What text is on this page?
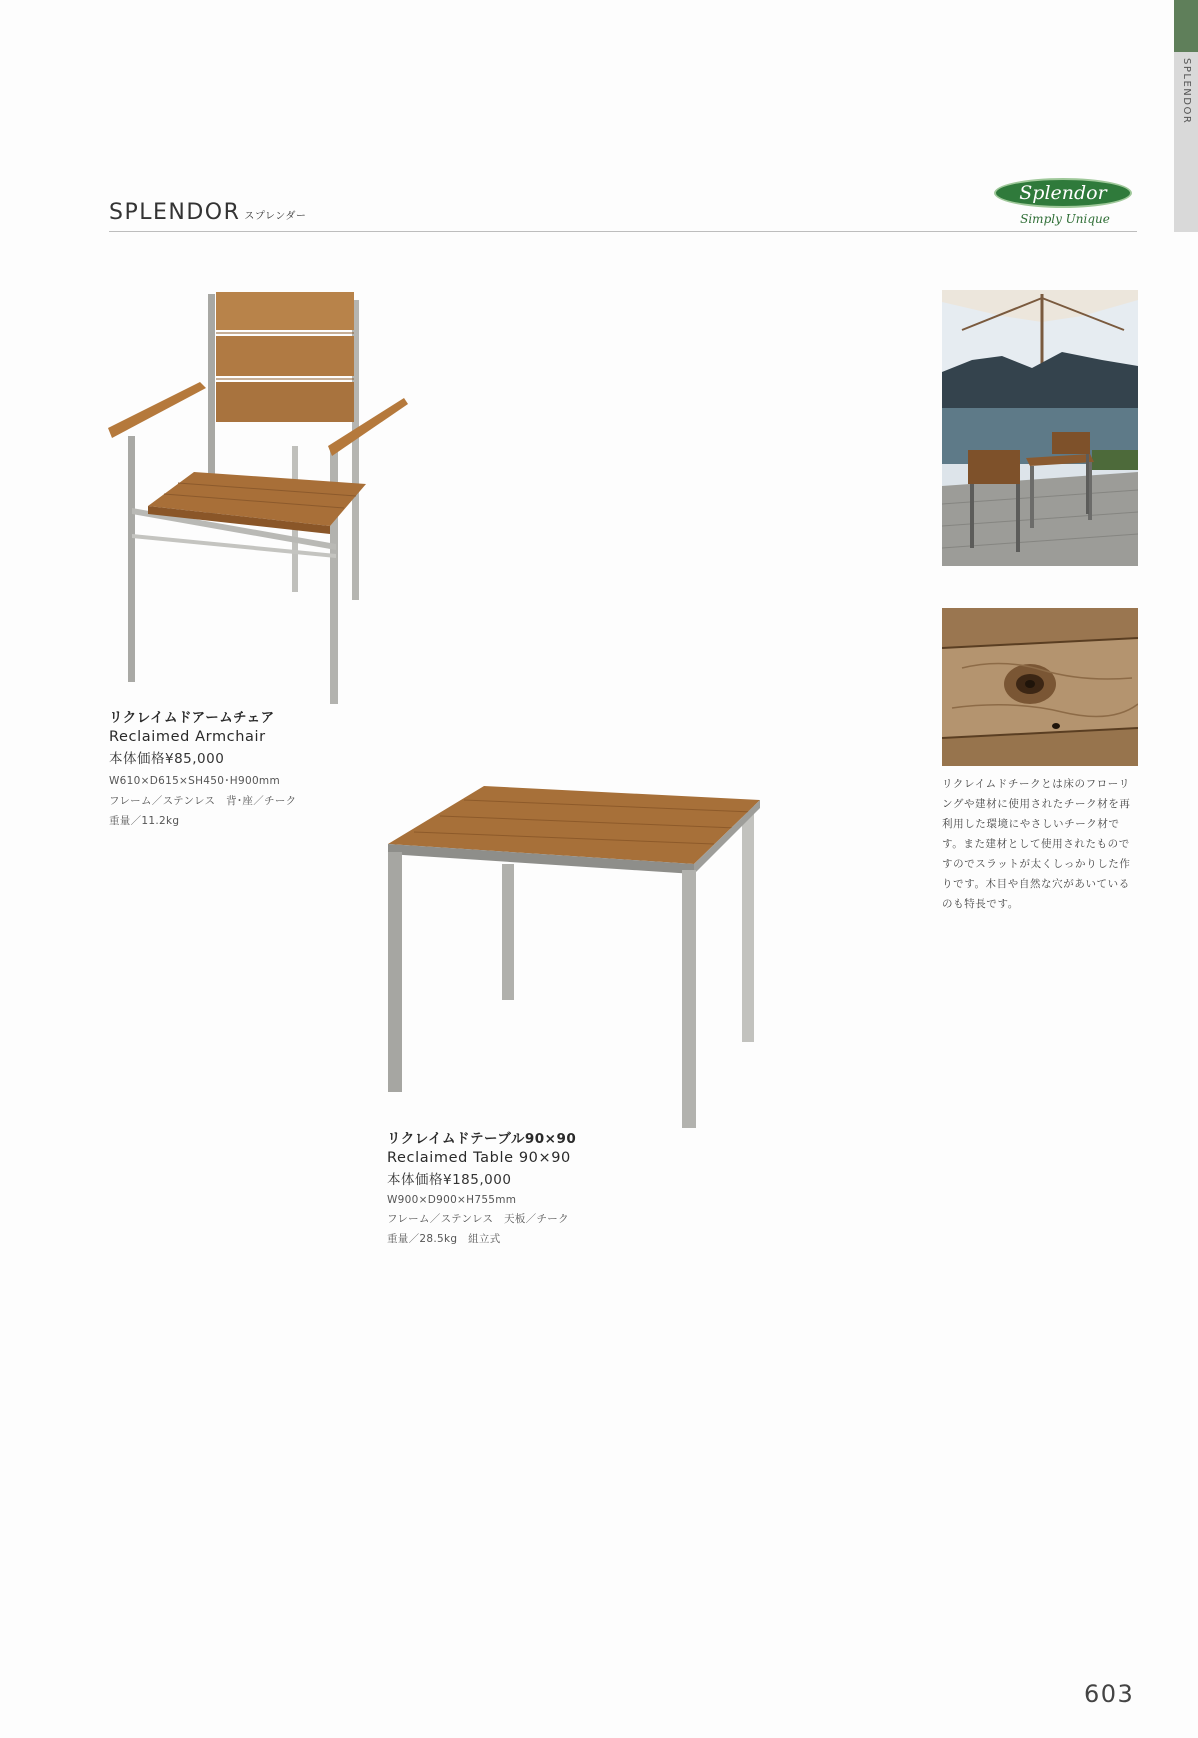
SPLENDOR
SPLENDOR スプレンダー
Splendor
Simply Unique
リクレイムドアームチェア
Reclaimed Armchair
本体価格¥85,000
W610×D615×SH450･H900mm
フレーム／ステンレス　背･座／チーク
重量／11.2kg
リクレイムドテーブル90×90
Reclaimed Table 90×90
本体価格¥185,000
W900×D900×H755mm
フレーム／ステンレス　天板／チーク
重量／28.5kg　組立式
リクレイムドチークとは床のフローリングや建材に使用されたチーク材を再利用した環境にやさしいチーク材です。また建材として使用されたものですのでスラットが太くしっかりした作りです。木目や自然な穴があいているのも特長です。
603
